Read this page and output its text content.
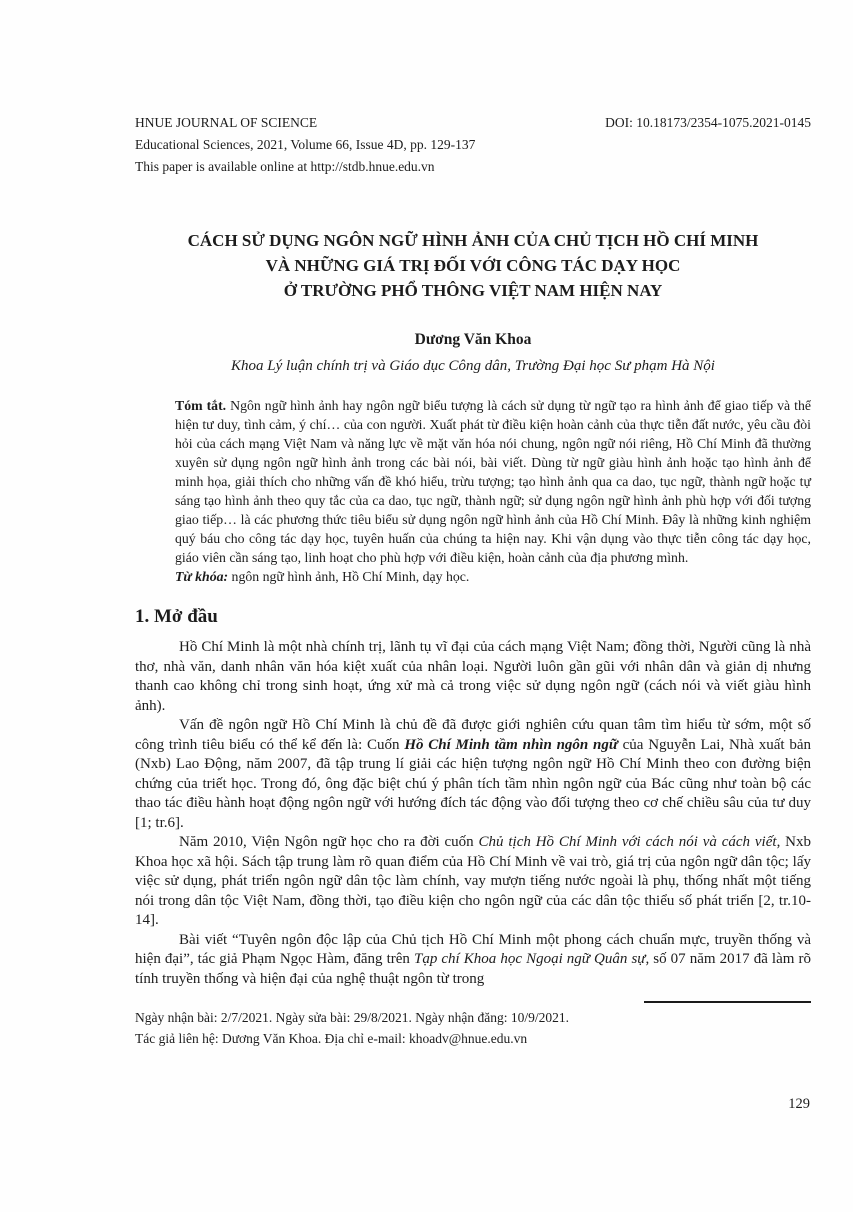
HNUE JOURNAL OF SCIENCE	DOI: 10.18173/2354-1075.2021-0145
Educational Sciences, 2021, Volume 66, Issue 4D, pp. 129-137
This paper is available online at http://stdb.hnue.edu.vn
CÁCH SỬ DỤNG NGÔN NGỮ HÌNH ẢNH CỦA CHỦ TỊCH HỒ CHÍ MINH
VÀ NHỮNG GIÁ TRỊ ĐỐI VỚI CÔNG TÁC DẠY HỌC
Ở TRƯỜNG PHỔ THÔNG VIỆT NAM HIỆN NAY
Dương Văn Khoa
Khoa Lý luận chính trị và Giáo dục Công dân, Trường Đại học Sư phạm Hà Nội

Tóm tắt. Ngôn ngữ hình ảnh hay ngôn ngữ biểu tượng là cách sử dụng từ ngữ tạo ra hình ảnh để giao tiếp và thể hiện tư duy, tình cảm, ý chí… của con người. Xuất phát từ điều kiện hoàn cảnh của thực tiễn đất nước, yêu cầu đòi hỏi của cách mạng Việt Nam và năng lực về mặt văn hóa nói chung, ngôn ngữ nói riêng, Hồ Chí Minh đã thường xuyên sử dụng ngôn ngữ hình ảnh trong các bài nói, bài viết. Dùng từ ngữ giàu hình ảnh hoặc tạo hình ảnh để minh họa, giải thích cho những vấn đề khó hiểu, trừu tượng; tạo hình ảnh qua ca dao, tục ngữ, thành ngữ hoặc tự sáng tạo hình ảnh theo quy tắc của ca dao, tục ngữ, thành ngữ; sử dụng ngôn ngữ hình ảnh phù hợp với đối tượng giao tiếp… là các phương thức tiêu biểu sử dụng ngôn ngữ hình ảnh của Hồ Chí Minh. Đây là những kinh nghiệm quý báu cho công tác dạy học, tuyên huấn của chúng ta hiện nay. Khi vận dụng vào thực tiễn công tác dạy học, giáo viên cần sáng tạo, linh hoạt cho phù hợp với điều kiện, hoàn cảnh của địa phương mình.

Từ khóa: ngôn ngữ hình ảnh, Hồ Chí Minh, dạy học.

1. Mở đầu

Hồ Chí Minh là một nhà chính trị, lãnh tụ vĩ đại của cách mạng Việt Nam; đồng thời, Người cũng là nhà thơ, nhà văn, danh nhân văn hóa kiệt xuất của nhân loại. Người luôn gần gũi với nhân dân và giản dị nhưng thanh cao không chỉ trong sinh hoạt, ứng xử mà cả trong việc sử dụng ngôn ngữ (cách nói và viết giàu hình ảnh).

Vấn đề ngôn ngữ Hồ Chí Minh là chủ đề đã được giới nghiên cứu quan tâm tìm hiểu từ sớm, một số công trình tiêu biểu có thể kể đến là: Cuốn Hồ Chí Minh tầm nhìn ngôn ngữ của Nguyễn Lai, Nhà xuất bản (Nxb) Lao Động, năm 2007, đã tập trung lí giải các hiện tượng ngôn ngữ Hồ Chí Minh theo con đường biện chứng của triết học. Trong đó, ông đặc biệt chú ý phân tích tầm nhìn ngôn ngữ của Bác cũng như toàn bộ các thao tác điều hành hoạt động ngôn ngữ với hướng đích tác động vào đối tượng theo cơ chế chiều sâu của tư duy [1; tr.6].

Năm 2010, Viện Ngôn ngữ học cho ra đời cuốn Chủ tịch Hồ Chí Minh với cách nói và cách viết, Nxb Khoa học xã hội. Sách tập trung làm rõ quan điểm của Hồ Chí Minh về vai trò, giá trị của ngôn ngữ dân tộc; lấy việc sử dụng, phát triển ngôn ngữ dân tộc làm chính, vay mượn tiếng nước ngoài là phụ, thống nhất một tiếng nói trong dân tộc Việt Nam, đồng thời, tạo điều kiện cho ngôn ngữ của các dân tộc thiểu số phát triển [2, tr.10-14].

Bài viết “Tuyên ngôn độc lập của Chủ tịch Hồ Chí Minh một phong cách chuẩn mực, truyền thống và hiện đại”, tác giả Phạm Ngọc Hàm, đăng trên Tạp chí Khoa học Ngoại ngữ Quân sự, số 07 năm 2017 đã làm rõ tính truyền thống và hiện đại của nghệ thuật ngôn từ trong

Ngày nhận bài: 2/7/2021. Ngày sửa bài: 29/8/2021. Ngày nhận đăng: 10/9/2021.
Tác giả liên hệ: Dương Văn Khoa. Địa chỉ e-mail: khoadv@hnue.edu.vn
129
